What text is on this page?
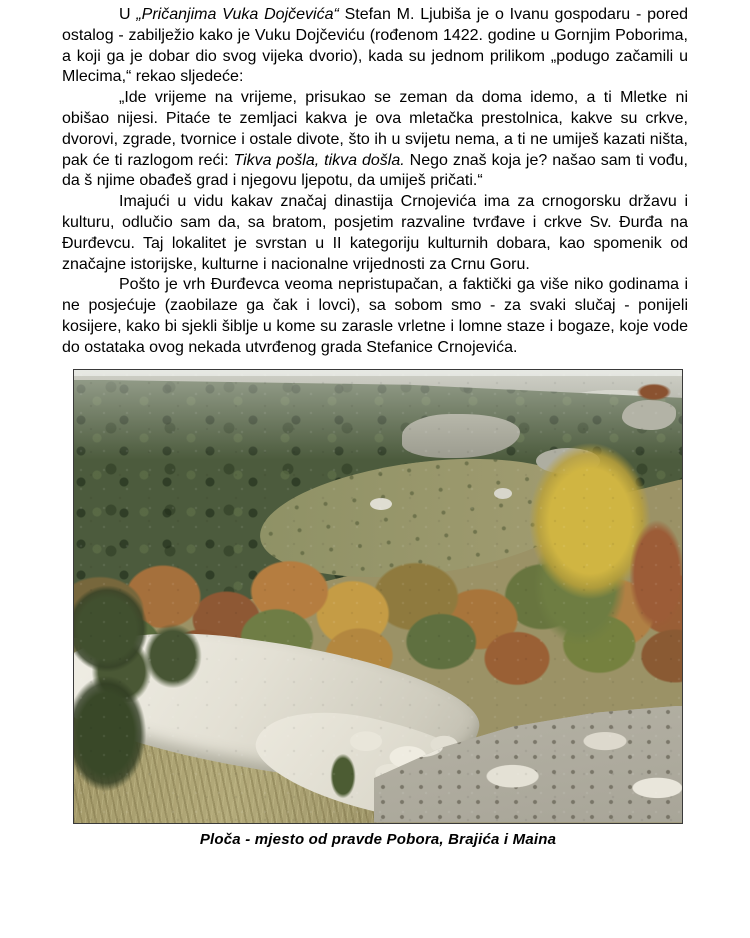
U „Pričanjima Vuka Dojčevića“ Stefan M. Ljubiša je o Ivanu gospodaru - pored ostalog - zabilježio kako je Vuku Dojčeviću (rođenom 1422. godine u Gornjim Poborima, a koji ga je dobar dio svog vijeka dvorio), kada su jednom prilikom „podugo začamili u Mlecima,“ rekao sljedeće:

„Ide vrijeme na vrijeme, prisukao se zeman da doma idemo, a ti Mletke ni obišao nijesi. Pitaće te zemljaci kakva je ova mletačka prestolnica, kakve su crkve, dvorovi, zgrade, tvornice i ostale divote, što ih u svijetu nema, a ti ne umiješ kazati ništa, pak će ti razlogom reći: Tikva pošla, tikva došla. Nego znaš koja je? našao sam ti vođu, da š njime obađeš grad i njegovu ljepotu, da umiješ pričati.“

Imajući u vidu kakav značaj dinastija Crnojevića ima za crnogorsku državu i kulturu, odlučio sam da, sa bratom, posjetim razvaline tvrđave i crkve Sv. Đurđa na Đurđevcu. Taj lokalitet je svrstan u II kategoriju kulturnih dobara, kao spomenik od značajne istorijske, kulturne i nacionalne vrijednosti za Crnu Goru.

Pošto je vrh Đurđevca veoma nepristupačan, a faktički ga više niko godinama i ne posjećuje (zaobilaze ga čak i lovci), sa sobom smo - za svaki slučaj - ponijeli kosijere, kako bi sjekli šiblje u kome su zarasle vrletne i lomne staze i bogaze, koje vode do ostataka ovog nekada utvrđenog grada Stefanice Crnojevića.

Ploča - mjesto od pravde Pobora, Brajića i Maina
